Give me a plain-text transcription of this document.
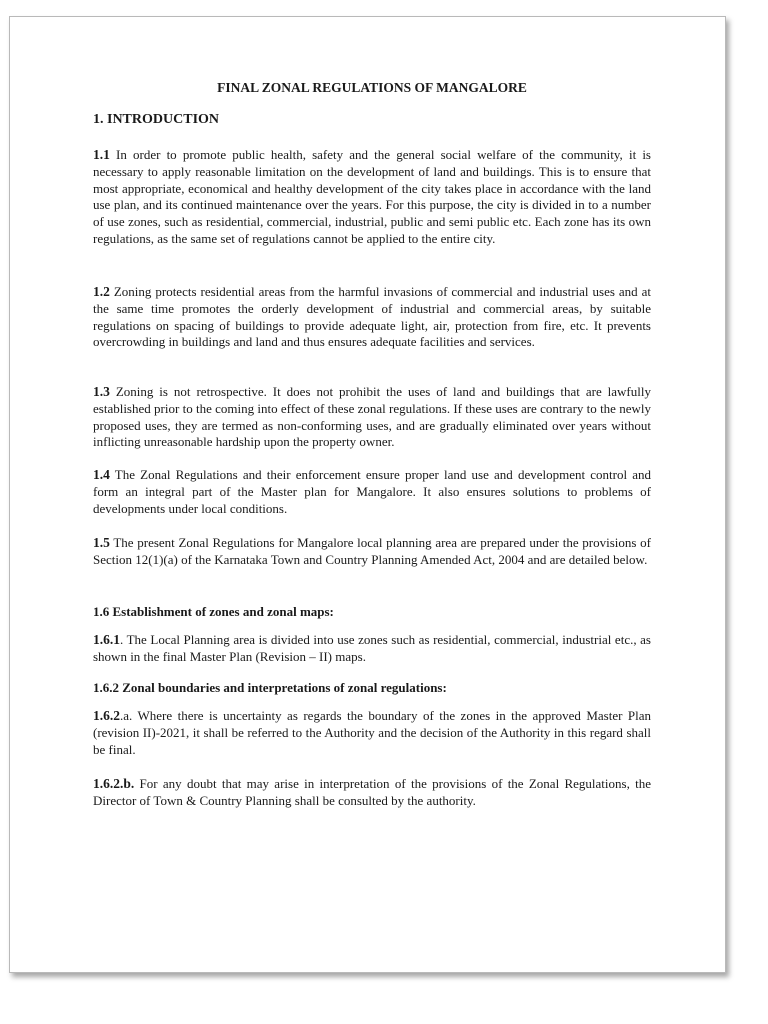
FINAL ZONAL REGULATIONS OF MANGALORE

1. INTRODUCTION

1.1 In order to promote public health, safety and the general social welfare of the community, it is necessary to apply reasonable limitation on the development of land and buildings. This is to ensure that most appropriate, economical and healthy development of the city takes place in accordance with the land use plan, and its continued maintenance over the years. For this purpose, the city is divided in to a number of use zones, such as residential, commercial, industrial, public and semi public etc. Each zone has its own regulations, as the same set of regulations cannot be applied to the entire city.

1.2 Zoning protects residential areas from the harmful invasions of commercial and industrial uses and at the same time promotes the orderly development of industrial and commercial areas, by suitable regulations on spacing of buildings to provide adequate light, air, protection from fire, etc. It prevents overcrowding in buildings and land and thus ensures adequate facilities and services.

1.3 Zoning is not retrospective. It does not prohibit the uses of land and buildings that are lawfully established prior to the coming into effect of these zonal regulations. If these uses are contrary to the newly proposed uses, they are termed as non-conforming uses, and are gradually eliminated over years without inflicting unreasonable hardship upon the property owner.

1.4 The Zonal Regulations and their enforcement ensure proper land use and development control and form an integral part of the Master plan for Mangalore. It also ensures solutions to problems of developments under local conditions.

1.5 The present Zonal Regulations for Mangalore local planning area are prepared under the provisions of Section 12(1)(a) of the Karnataka Town and Country Planning Amended Act, 2004 and are detailed below.

1.6 Establishment of zones and zonal maps:

1.6.1. The Local Planning area is divided into use zones such as residential, commercial, industrial etc., as shown in the final Master Plan (Revision – II) maps.

1.6.2 Zonal boundaries and interpretations of zonal regulations:

1.6.2.a. Where there is uncertainty as regards the boundary of the zones in the approved Master Plan (revision II)-2021, it shall be referred to the Authority and the decision of the Authority in this regard shall be final.

1.6.2.b. For any doubt that may arise in interpretation of the provisions of the Zonal Regulations, the Director of Town & Country Planning shall be consulted by the authority.
